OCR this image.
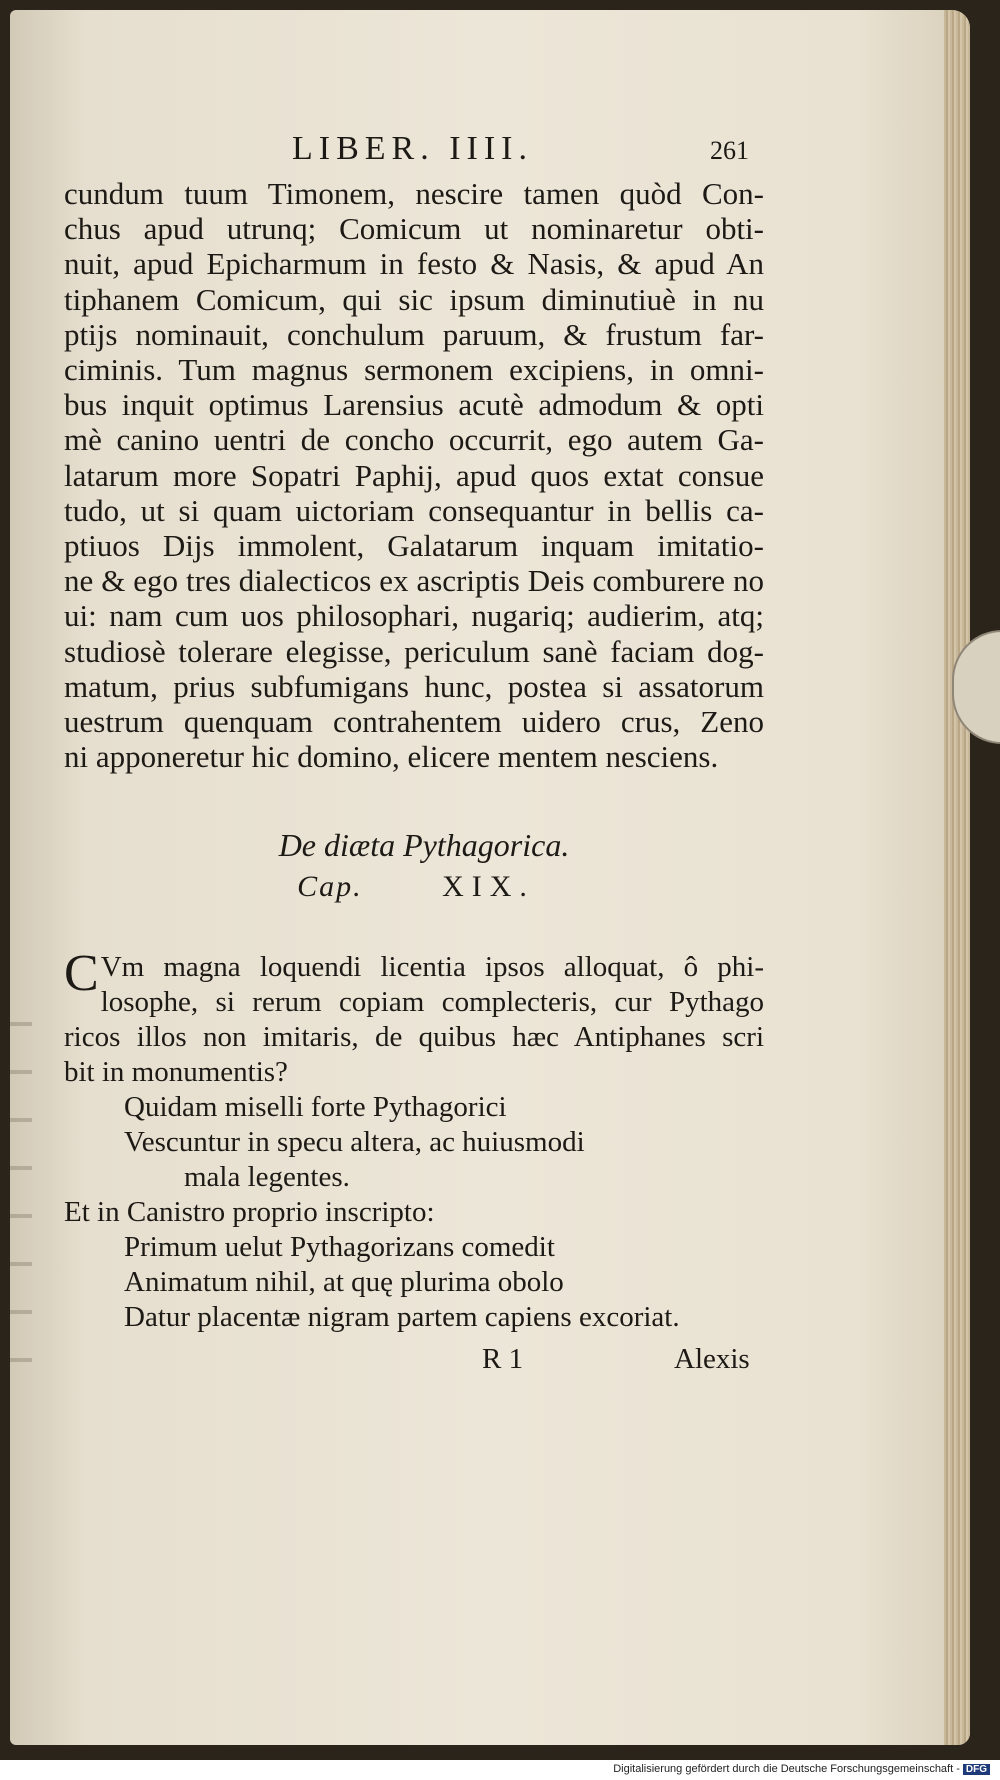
LIBER. IIII.	261
cundum tuum Timonem, nescire tamen quòd Con-
chus apud utrunq; Comicum ut nominaretur obti-
nuit, apud Epicharmum in festo & Nasis, & apud An
tiphanem Comicum, qui sic ipsum diminutiuè in nu
ptijs nominauit, conchulum paruum, & frustum far-
ciminis. Tum magnus sermonem excipiens, in omni-
bus inquit optimus Larensius acutè admodum & opti
mè canino uentri de concho occurrit, ego autem Ga-
latarum more Sopatri Paphij, apud quos extat consue
tudo, ut si quam uictoriam consequantur in bellis ca-
ptiuos Dijs immolent, Galatarum inquam imitatio-
ne & ego tres dialecticos ex ascriptis Deis comburere no
ui: nam cum uos philosophari, nugariq; audierim, atq;
studiosè tolerare elegisse, periculum sanè faciam dog-
matum, prius subfumigans hunc, postea si assatorum
uestrum quenquam contrahentem uidero crus, Zeno
ni apponeretur hic domino, elicere mentem nesciens.
De diæta Pythagorica.
Cap.	XIX.
C Vm magna loquendi licentia ipsos alloquat, ô phi-
losophe, si rerum copiam complecteris, cur Pythago
ricos illos non imitaris, de quibus hæc Antiphanes scri
bit in monumentis?
Quidam miselli forte Pythagorici
Vescuntur in specu altera, ac huiusmodi
mala legentes.
Et in Canistro proprio inscripto:
Primum uelut Pythagorizans comedit
Animatum nihil, at quę plurima obolo
Datur placentæ nigram partem capiens excoriat.
R 1	Alexis
Digitalisierung gefördert durch die Deutsche Forschungsgemeinschaft - DFG
